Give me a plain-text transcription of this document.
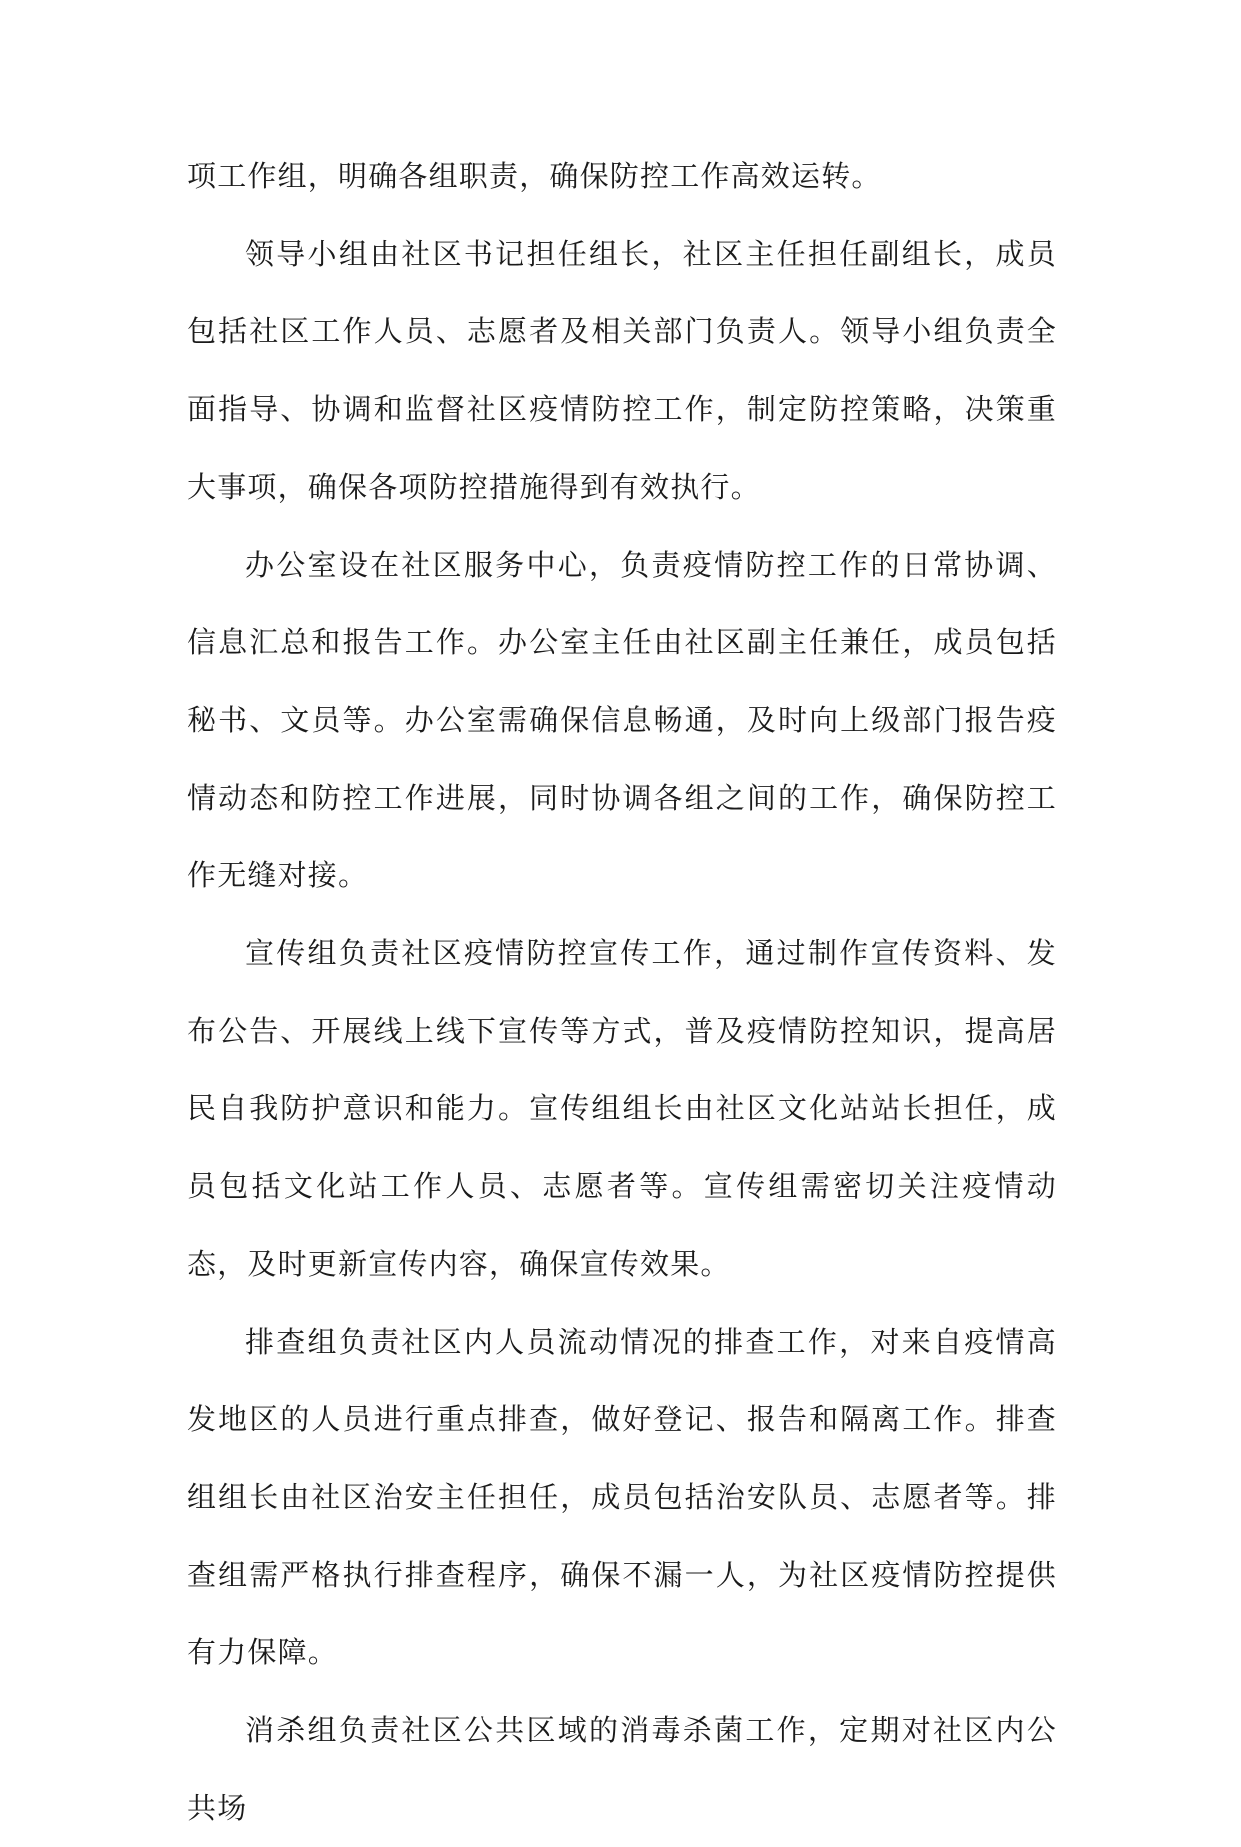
项工作组，明确各组职责，确保防控工作高效运转。

领导小组由社区书记担任组长，社区主任担任副组长，成员包括社区工作人员、志愿者及相关部门负责人。领导小组负责全面指导、协调和监督社区疫情防控工作，制定防控策略，决策重大事项，确保各项防控措施得到有效执行。

办公室设在社区服务中心，负责疫情防控工作的日常协调、信息汇总和报告工作。办公室主任由社区副主任兼任，成员包括秘书、文员等。办公室需确保信息畅通，及时向上级部门报告疫情动态和防控工作进展，同时协调各组之间的工作，确保防控工作无缝对接。

宣传组负责社区疫情防控宣传工作，通过制作宣传资料、发布公告、开展线上线下宣传等方式，普及疫情防控知识，提高居民自我防护意识和能力。宣传组组长由社区文化站站长担任，成员包括文化站工作人员、志愿者等。宣传组需密切关注疫情动态，及时更新宣传内容，确保宣传效果。

排查组负责社区内人员流动情况的排查工作，对来自疫情高发地区的人员进行重点排查，做好登记、报告和隔离工作。排查组组长由社区治安主任担任，成员包括治安队员、志愿者等。排查组需严格执行排查程序，确保不漏一人，为社区疫情防控提供有力保障。

消杀组负责社区公共区域的消毒杀菌工作，定期对社区内公共场
